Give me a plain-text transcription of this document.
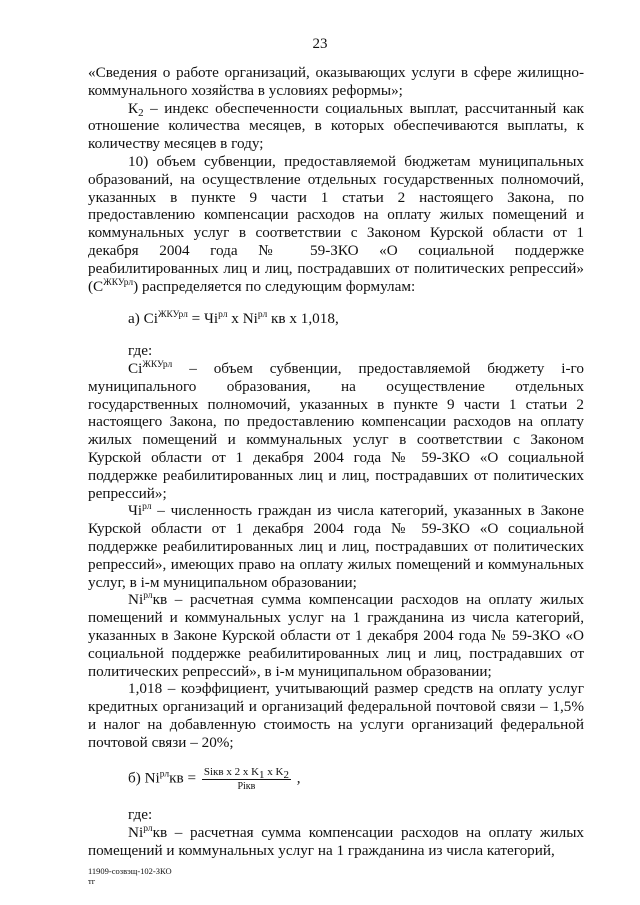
23

«Сведения о работе организаций, оказывающих услуги в сфере жилищно-коммунального хозяйства в условиях реформы»;

$К_2$ – индекс обеспеченности социальных выплат, рассчитанный как отношение количества месяцев, в которых обеспечиваются выплаты, к количеству месяцев в году;

10) объем субвенции, предоставляемой бюджетам муниципальных образований, на осуществление отдельных государственных полномочий, указанных в пункте 9 части 1 статьи 2 настоящего Закона, по предоставлению компенсации расходов на оплату жилых помещений и коммунальных услуг в соответствии с Законом Курской области от 1 декабря 2004 года № 59-ЗКО «О социальной поддержке реабилитированных лиц и лиц, пострадавших от политических репрессий» $(С^{ЖКУрл})$ распределяется по следующим формулам:

а) $Сi^{ЖКУрл} = Чi^{рл}$ x $Ni^{рл}$ кв x 1,018,

где:

$Сi^{ЖКУрл}$ – объем субвенции, предоставляемой бюджету i-го муниципального образования, на осуществление отдельных государственных полномочий, указанных в пункте 9 части 1 статьи 2 настоящего Закона, по предоставлению компенсации расходов на оплату жилых помещений и коммунальных услуг в соответствии с Законом Курской области от 1 декабря 2004 года № 59-ЗКО «О социальной поддержке реабилитированных лиц и лиц, пострадавших от политических репрессий»;

$Чi^{рл}$ – численность граждан из числа категорий, указанных в Законе Курской области от 1 декабря 2004 года № 59-ЗКО «О социальной поддержке реабилитированных лиц и лиц, пострадавших от политических репрессий», имеющих право на оплату жилых помещений и коммунальных услуг, в i-м муниципальном образовании;

$Ni^{рл}кв$ – расчетная сумма компенсации расходов на оплату жилых помещений и коммунальных услуг на 1 гражданина из числа категорий, указанных в Законе Курской области от 1 декабря 2004 года № 59-ЗКО «О социальной поддержке реабилитированных лиц и лиц, пострадавших от политических репрессий», в i-м муниципальном образовании;

1,018 – коэффициент, учитывающий размер средств на оплату услуг кредитных организаций и организаций федеральной почтовой связи – 1,5% и налог на добавленную стоимость на услуги организаций федеральной почтовой связи – 20%;

б) $Ni^{рл}кв = \frac{Siкв x 2 x K_1 x K_2}{\text{Piкв}}$ ,

где:

$Ni^{рл}кв$ – расчетная сумма компенсации расходов на оплату жилых помещений и коммунальных услуг на 1 гражданина из числа категорий,

11909-созвэщ-102-ЗКО
тг
